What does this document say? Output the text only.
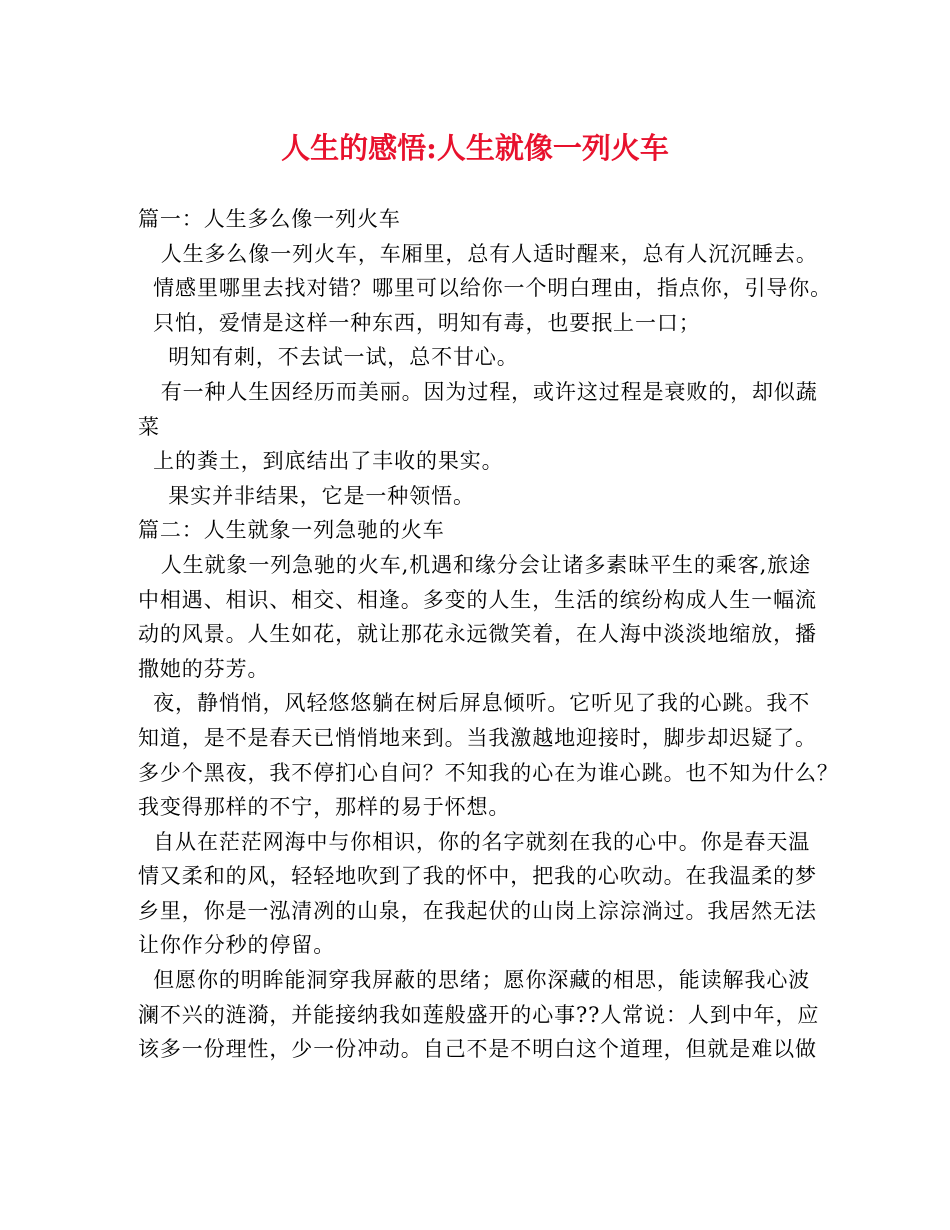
人生的感悟:人生就像一列火车
篇一：人生多么像一列火车
人生多么像一列火车，车厢里，总有人适时醒来，总有人沉沉睡去。
情感里哪里去找对错？哪里可以给你一个明白理由，指点你，引导你。
只怕，爱情是这样一种东西，明知有毒，也要抿上一口；
明知有刺，不去试一试，总不甘心。
有一种人生因经历而美丽。因为过程，或许这过程是衰败的，却似蔬
菜
上的粪土，到底结出了丰收的果实。
果实并非结果，它是一种领悟。
篇二：人生就象一列急驰的火车
人生就象一列急驰的火车,机遇和缘分会让诸多素昧平生的乘客,旅途
中相遇、相识、相交、相逢。多变的人生，生活的缤纷构成人生一幅流
动的风景。人生如花，就让那花永远微笑着，在人海中淡淡地缩放，播
撒她的芬芳。
夜，静悄悄，风轻悠悠躺在树后屏息倾听。它听见了我的心跳。我不
知道，是不是春天已悄悄地来到。当我激越地迎接时，脚步却迟疑了。
多少个黑夜，我不停扪心自问？不知我的心在为谁心跳。也不知为什么？
我变得那样的不宁，那样的易于怀想。
自从在茫茫网海中与你相识，你的名字就刻在我的心中。你是春天温
情又柔和的风，轻轻地吹到了我的怀中，把我的心吹动。在我温柔的梦
乡里，你是一泓清冽的山泉，在我起伏的山岗上淙淙淌过。我居然无法
让你作分秒的停留。
但愿你的明眸能洞穿我屏蔽的思绪；愿你深藏的相思，能读解我心波
澜不兴的涟漪，并能接纳我如莲般盛开的心事??人常说：人到中年，应
该多一份理性，少一份冲动。自己不是不明白这个道理，但就是难以做
